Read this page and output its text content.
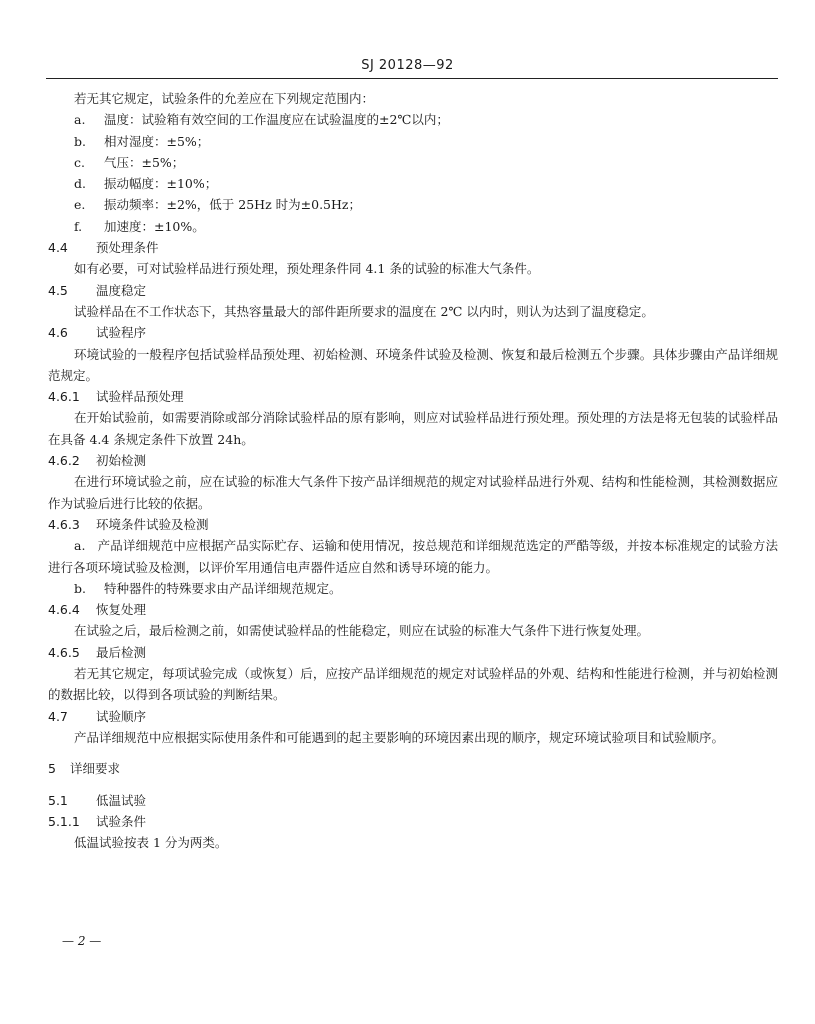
SJ 20128—92
若无其它规定，试验条件的允差应在下列规定范围内：
a.	温度：试验箱有效空间的工作温度应在试验温度的±2℃以内；
b.	相对湿度：±5%；
c.	气压：±5%；
d.	振动幅度：±10%；
e.	振动频率：±2%，低于 25Hz 时为±0.5Hz；
f.	加速度：±10%。
4.4	预处理条件
如有必要，可对试验样品进行预处理，预处理条件同 4.1 条的试验的标准大气条件。
4.5	温度稳定
试验样品在不工作状态下，其热容量最大的部件距所要求的温度在 2℃ 以内时，则认为达到了温度稳定。
4.6	试验程序
环境试验的一般程序包括试验样品预处理、初始检测、环境条件试验及检测、恢复和最后检测五个步骤。具体步骤由产品详细规范规定。
4.6.1	试验样品预处理
在开始试验前，如需要消除或部分消除试验样品的原有影响，则应对试验样品进行预处理。预处理的方法是将无包装的试验样品在具备 4.4 条规定条件下放置 24h。
4.6.2	初始检测
在进行环境试验之前，应在试验的标准大气条件下按产品详细规范的规定对试验样品进行外观、结构和性能检测，其检测数据应作为试验后进行比较的依据。
4.6.3	环境条件试验及检测
a. 产品详细规范中应根据产品实际贮存、运输和使用情况，按总规范和详细规范选定的严酷等级，并按本标准规定的试验方法进行各项环境试验及检测，以评价军用通信电声器件适应自然和诱导环境的能力。
b.	特种器件的特殊要求由产品详细规范规定。
4.6.4	恢复处理
在试验之后，最后检测之前，如需使试验样品的性能稳定，则应在试验的标准大气条件下进行恢复处理。
4.6.5	最后检测
若无其它规定，每项试验完成（或恢复）后，应按产品详细规范的规定对试验样品的外观、结构和性能进行检测，并与初始检测的数据比较，以得到各项试验的判断结果。
4.7	试验顺序
产品详细规范中应根据实际使用条件和可能遇到的起主要影响的环境因素出现的顺序，规定环境试验项目和试验顺序。
5	详细要求
5.1	低温试验
5.1.1	试验条件
低温试验按表 1 分为两类。
— 2 —
